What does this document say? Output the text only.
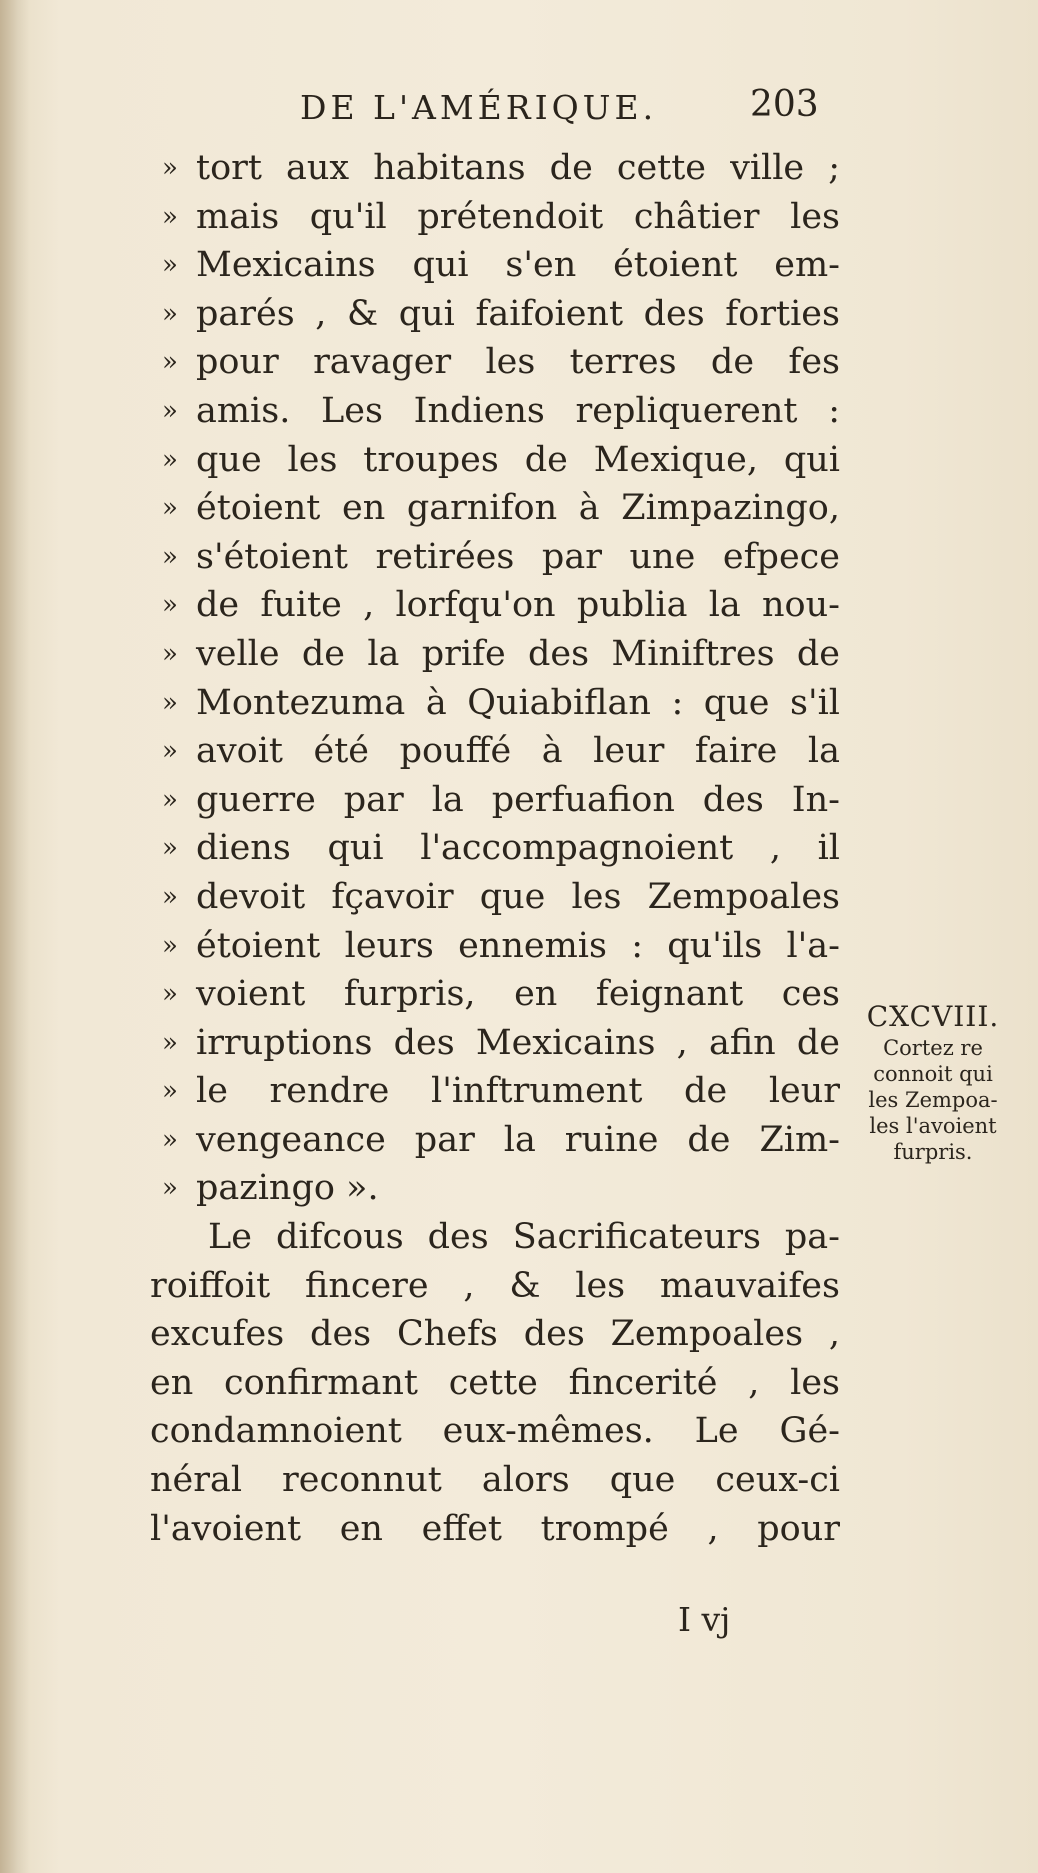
DE L'AMÉRIQUE.	203
» tort aux habitans de cette ville ;
» mais qu'il prétendoit châtier les
» Mexicains qui s'en étoient em-
» parés , & qui faifoient des forties
» pour ravager les terres de fes
» amis. Les Indiens repliquerent :
» que les troupes de Mexique, qui
» étoient en garnifon à Zimpazingo,
» s'étoient retirées par une efpece
» de fuite , lorfqu'on publia la nou-
» velle de la prife des Miniftres de
» Montezuma à Quiabiflan : que s'il
» avoit été pouffé à leur faire la
» guerre par la perfuafion des In-
» diens qui l'accompagnoient , il
» devoit fçavoir que les Zempoales
» étoient leurs ennemis : qu'ils l'a-
» voient furpris, en feignant ces
» irruptions des Mexicains , afin de
» le rendre l'inftrument de leur
» vengeance par la ruine de Zim-
» pazingo ».
Le difcous des Sacrificateurs pa-
roiffoit fincere , & les mauvaifes
excufes des Chefs des Zempoales ,
en confirmant cette fincerité , les
condamnoient eux-mêmes. Le Gé-
néral reconnut alors que ceux-ci
l'avoient en effet trompé , pour
CXCVIII.
Cortez re
connoit qui
les Zempoa-
les l'avoient
furpris.
I vj
